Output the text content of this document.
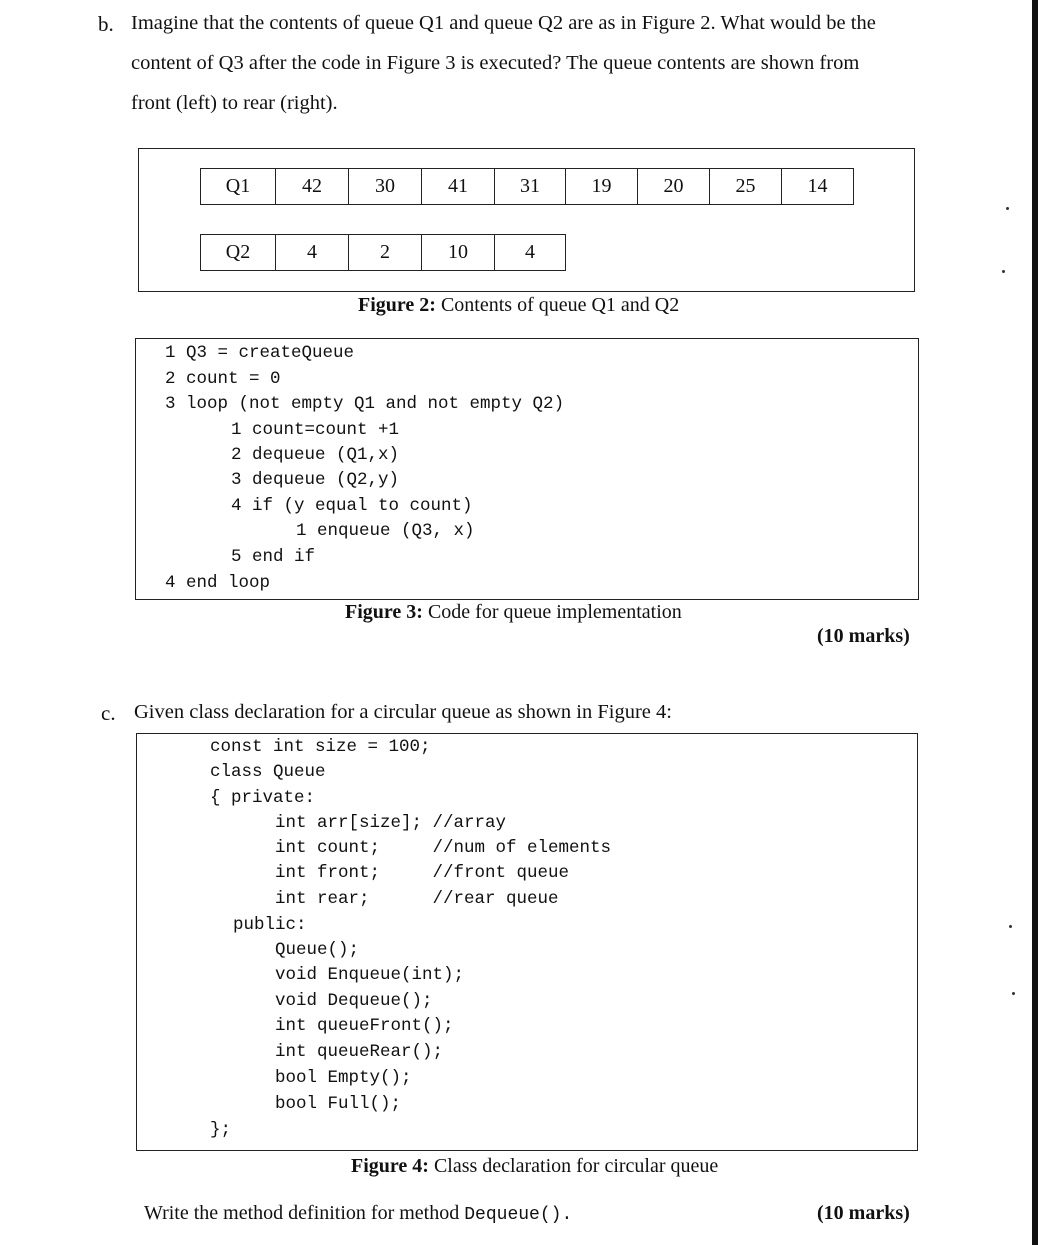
b. Imagine that the contents of queue Q1 and queue Q2 are as in Figure 2. What would be the
content of Q3 after the code in Figure 3 is executed? The queue contents are shown from
front (left) to rear (right).
Q1	42	30	41	31	19	20	25	14
Q2	4	2	10	4
Figure 2: Contents of queue Q1 and Q2
1 Q3 = createQueue
2 count = 0
3 loop (not empty Q1 and not empty Q2)
1 count=count +1
2 dequeue (Q1,x)
3 dequeue (Q2,y)
4 if (y equal to count)
1 enqueue (Q3, x)
5 end if
4 end loop
Figure 3: Code for queue implementation
(10 marks)
c. Given class declaration for a circular queue as shown in Figure 4:
const int size = 100;
class Queue
{ private:
int arr[size]; //array
int count;     //num of elements
int front;     //front queue
int rear;      //rear queue
public:
Queue();
void Enqueue(int);
void Dequeue();
int queueFront();
int queueRear();
bool Empty();
bool Full();
};
Figure 4: Class declaration for circular queue
Write the method definition for method Dequeue().	(10 marks)
